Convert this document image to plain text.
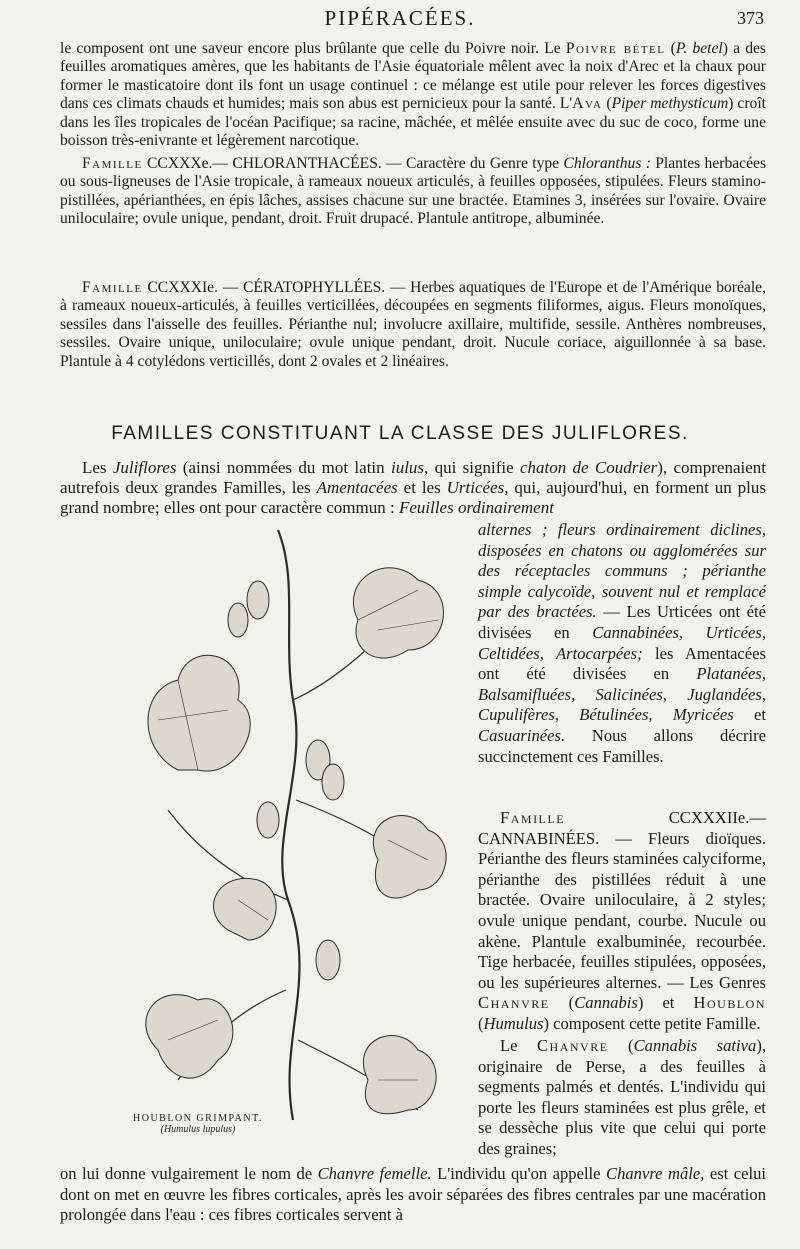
PIPÉRACÉES.	373

le composent ont une saveur encore plus brûlante que celle du Poivre noir. Le Poivre bétel (P. betel) a des feuilles aromatiques amères, que les habitants de l'Asie équatoriale mêlent avec la noix d'Arec et la chaux pour former le masticatoire dont ils font un usage continuel : ce mélange est utile pour relever les forces digestives dans ces climats chauds et humides; mais son abus est pernicieux pour la santé. L'Ava (Piper methysticum) croît dans les îles tropicales de l'océan Pacifique; sa racine, mâchée, et mêlée ensuite avec du suc de coco, forme une boisson très-enivrante et légèrement narcotique.

Famille CCXXXe.— CHLORANTHACÉES. — Caractère du Genre type Chloranthus : Plantes herbacées ou sous-ligneuses de l'Asie tropicale, à rameaux noueux articulés, à feuilles opposées, stipulées. Fleurs stamino-pistillées, apérianthées, en épis lâches, assises chacune sur une bractée. Etamines 3, insérées sur l'ovaire. Ovaire uniloculaire; ovule unique, pendant, droit. Fruit drupacé. Plantule antitrope, albuminée.

Famille CCXXXIe. — CÉRATOPHYLLÉES. — Herbes aquatiques de l'Europe et de l'Amérique boréale, à rameaux noueux-articulés, à feuilles verticillées, découpées en segments filiformes, aigus. Fleurs monoïques, sessiles dans l'aisselle des feuilles. Périanthe nul; involucre axillaire, multifide, sessile. Anthères nombreuses, sessiles. Ovaire unique, uniloculaire; ovule unique pendant, droit. Nucule coriace, aiguillonnée à sa base. Plantule à 4 cotylédons verticillés, dont 2 ovales et 2 linéaires.

FAMILLES CONSTITUANT LA CLASSE DES JULIFLORES.

Les Juliflores (ainsi nommées du mot latin iulus, qui signifie chaton de Coudrier), comprenaient autrefois deux grandes Familles, les Amentacées et les Urticées, qui, aujourd'hui, en forment un plus grand nombre; elles ont pour caractère commun : Feuilles ordinairement

alternes ; fleurs ordinairement diclines, disposées en chatons ou agglomérées sur des réceptacles communs ; périanthe simple calycoïde, souvent nul et remplacé par des bractées. — Les Urticées ont été divisées en Cannabinées, Urticées, Celtidées, Artocarpées; les Amentacées ont été divisées en Platanées, Balsamifluées, Salicinées, Juglandées, Cupulifères, Bétulinées, Myricées et Casuarinées. Nous allons décrire succinctement ces Familles.

Famille CCXXXIIe.— CANNABINÉES. — Fleurs dioïques. Périanthe des fleurs staminées calyciforme, périanthe des pistillées réduit à une bractée. Ovaire uniloculaire, à 2 styles; ovule unique pendant, courbe. Nucule ou akène. Plantule exalbuminée, recourbée. Tige herbacée, feuilles stipulées, opposées, ou les supérieures alternes. — Les Genres Chanvre (Cannabis) et Houblon (Humulus) composent cette petite Famille.

Le Chanvre (Cannabis sativa), originaire de Perse, a des feuilles à segments palmés et dentés. L'individu qui porte les fleurs staminées est plus grêle, et se dessèche plus vite que celui qui porte des graines;

HOUBLON GRIMPANT.
(Humulus lupulus)

on lui donne vulgairement le nom de Chanvre femelle. L'individu qu'on appelle Chanvre mâle, est celui dont on met en œuvre les fibres corticales, après les avoir séparées des fibres centrales par une macération prolongée dans l'eau : ces fibres corticales servent à
